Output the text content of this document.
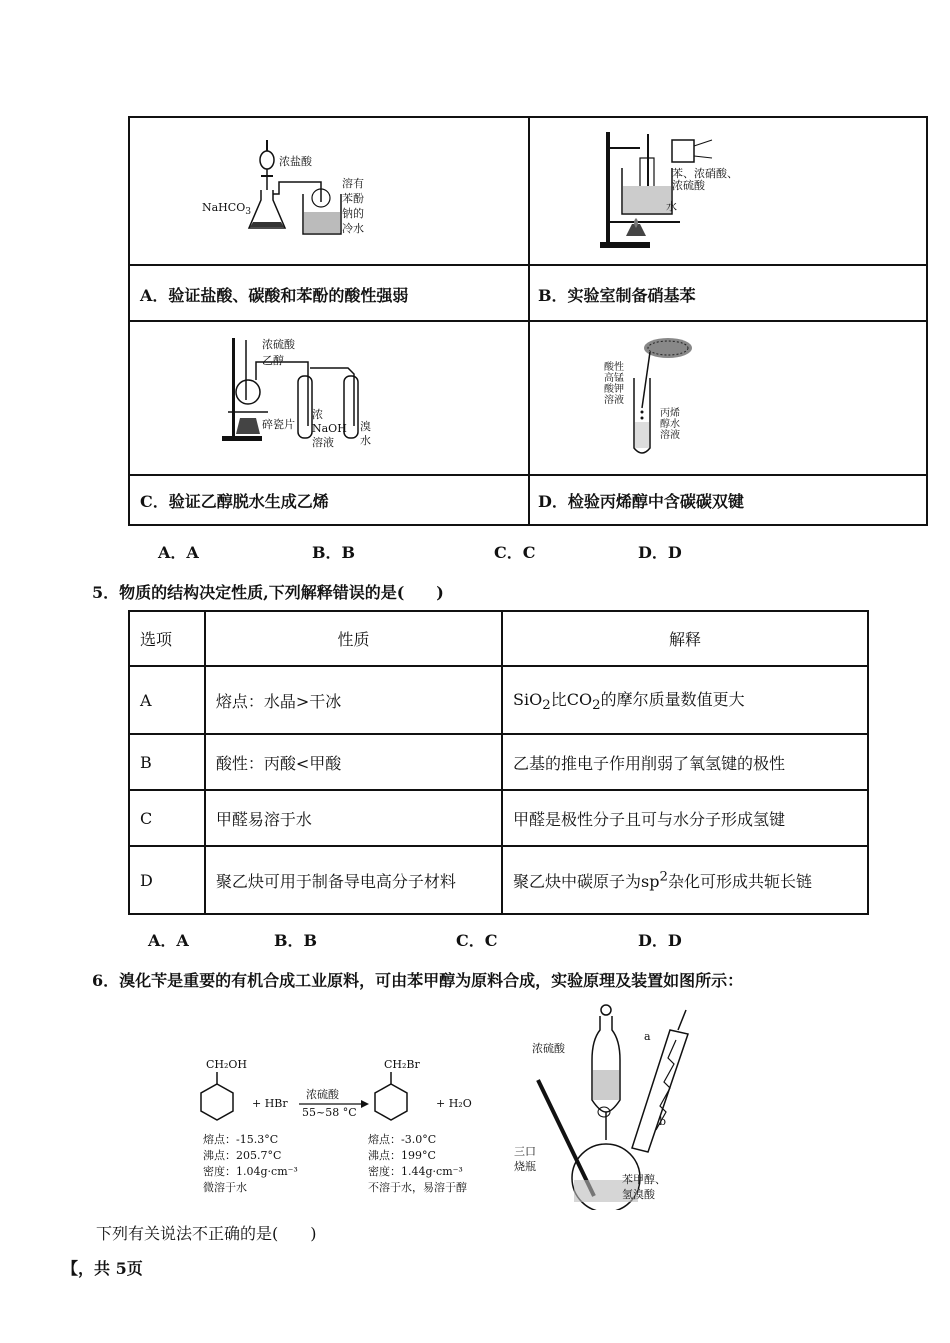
浓盐酸
NaHCO$_3$
溶有
苯酚
钠的
冷水
A．验证盐酸、碳酸和苯酚的酸性强弱
苯、浓硝酸、
浓硫酸
水
B．实验室制备硝基苯
浓硫酸
乙醇
碎瓷片
浓
NaOH
溶液
溴
水
C．验证乙醇脱水生成乙烯
酸性
高锰
酸钾
溶液
丙烯
醇水
溶液
D．检验丙烯醇中含碳碳双键
A．A	B．B	C．C	D．D
5．物质的结构决定性质,下列解释错误的是(　　)
选项	性质	解释
A	熔点：水晶>干冰	SiO$_2$比$CO_2$的摩尔质量数值更大
B	酸性：丙酸<甲酸	乙基的推电子作用削弱了氧氢键的极性
C	甲醛易溶于水	甲醛是极性分子且可与水分子形成氢键
D	聚乙炔可用于制备导电高分子材料	聚乙炔中碳原子为$sp^2$杂化可形成共轭长链
A．A	B．B	C．C	D．D
6．溴化苄是重要的有机合成工业原料，可由苯甲醇为原料合成，实验原理及装置如图所示：
CH₂OH
+ HBr
浓硫酸
55~58 °C
CH₂Br
+ H₂O
熔点：-15.3°C
沸点：205.7°C
密度：1.04g·cm⁻³
微溶于水
熔点：-3.0°C
沸点：199°C
密度：1.44g·cm⁻³
不溶于水，易溶于醇
浓硫酸
a
b
三口
烧瓶
苯甲醇、
氢溴酸
下列有关说法不正确的是(　　)
【，共 5页
